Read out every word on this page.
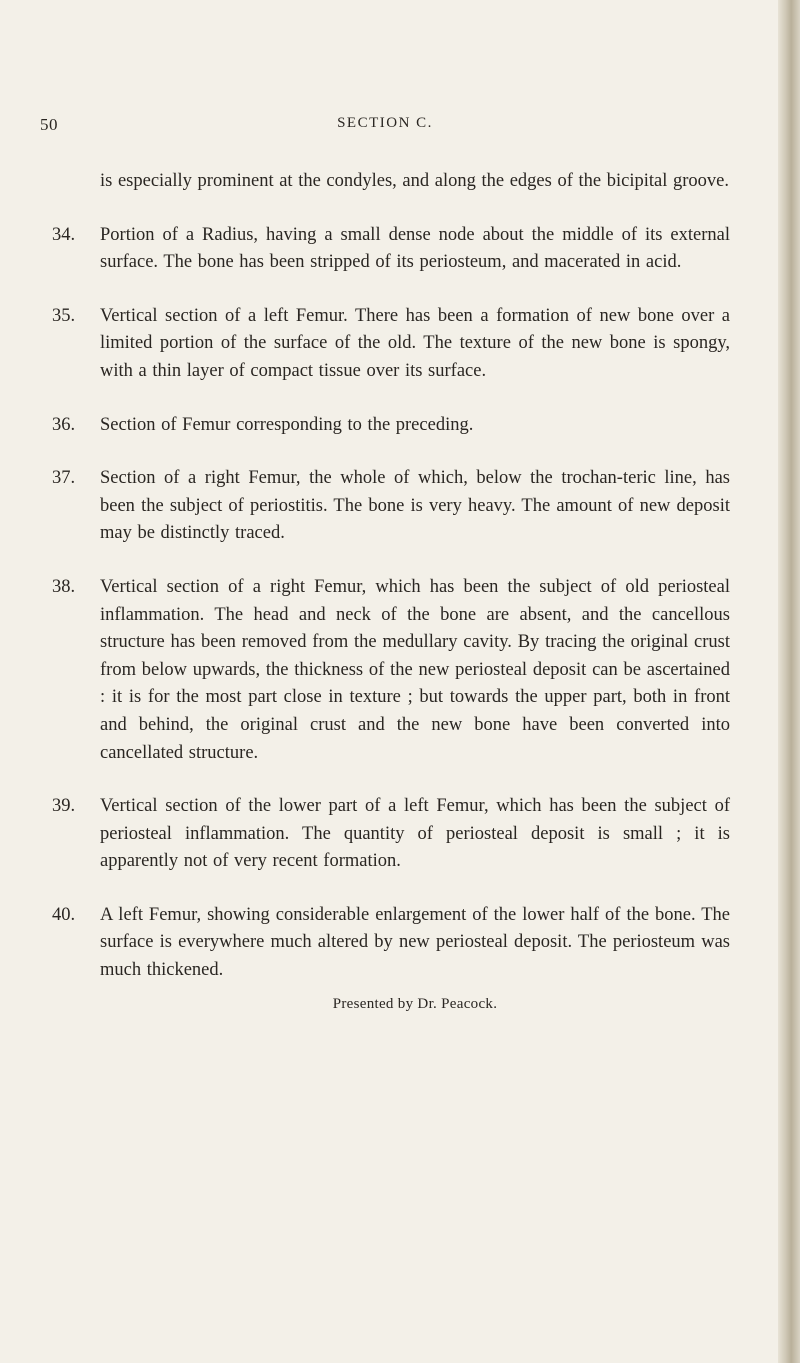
50	SECTION C.

is especially prominent at the condyles, and along the edges of the bicipital groove.

34. Portion of a Radius, having a small dense node about the middle of its external surface. The bone has been stripped of its periosteum, and macerated in acid.
35. Vertical section of a left Femur. There has been a formation of new bone over a limited portion of the surface of the old. The texture of the new bone is spongy, with a thin layer of compact tissue over its surface.
36. Section of Femur corresponding to the preceding.
37. Section of a right Femur, the whole of which, below the trochan-teric line, has been the subject of periostitis. The bone is very heavy. The amount of new deposit may be distinctly traced.
38. Vertical section of a right Femur, which has been the subject of old periosteal inflammation. The head and neck of the bone are absent, and the cancellous structure has been removed from the medullary cavity. By tracing the original crust from below upwards, the thickness of the new periosteal deposit can be ascertained : it is for the most part close in texture ; but towards the upper part, both in front and behind, the original crust and the new bone have been converted into cancellated structure.
39. Vertical section of the lower part of a left Femur, which has been the subject of periosteal inflammation. The quantity of periosteal deposit is small ; it is apparently not of very recent formation.
40. A left Femur, showing considerable enlargement of the lower half of the bone. The surface is everywhere much altered by new periosteal deposit. The periosteum was much thickened.
Presented by Dr. Peacock.
